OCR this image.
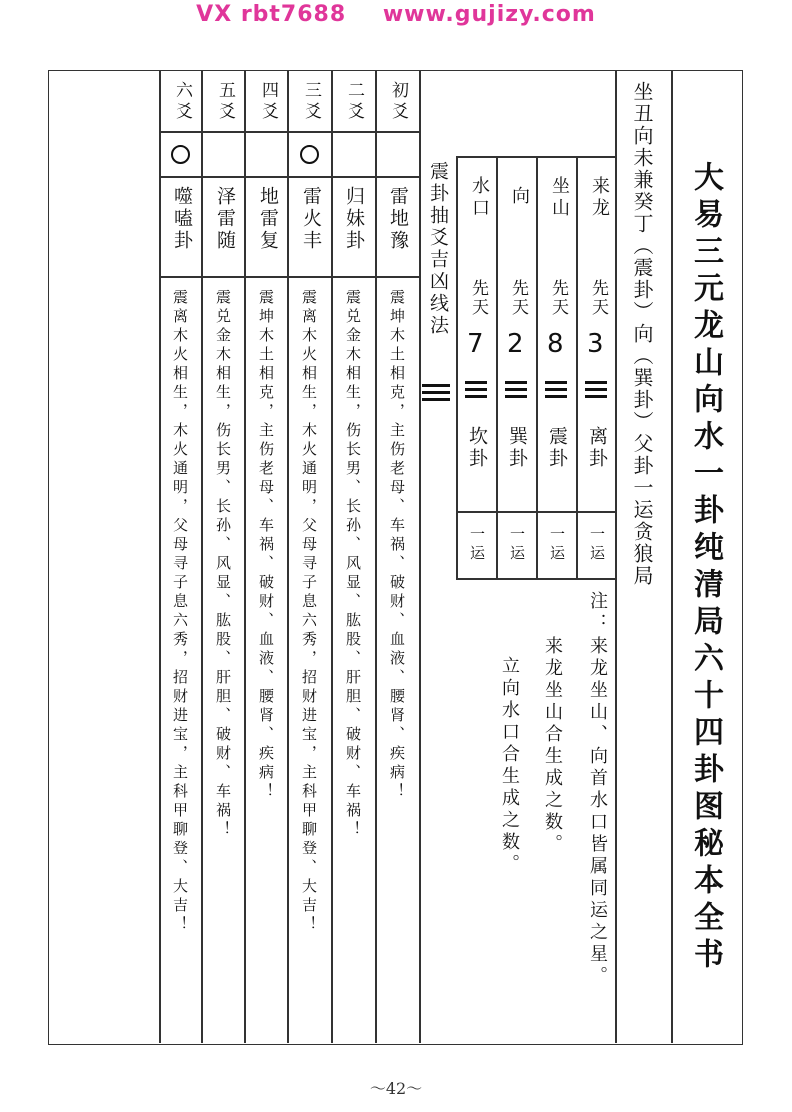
VX rbt7688 www.gujizy.com
大易三元龙山向水一卦纯清局六十四卦图秘本全书
坐丑向未兼癸丁（震卦）向（巽卦）父卦一运贪狼局
来龙
先天
3
离卦
一运
坐山
先天
8
震卦
一运
向
先天
2
巽卦
一运
水口
先天
7
坎卦
一运
注：
来龙坐山、向首水口皆属同运之星。
来龙坐山合生成之数。
立向水口合生成之数。
震卦抽爻吉凶线法
初爻
雷地豫
震坤木土相克，主伤老母、车祸、破财、血液、腰肾、疾病！
二爻
归妹卦
震兑金木相生，伤长男、长孙、风显、肱股、肝胆、破财、车祸！
三爻
雷火丰
震离木火相生，木火通明，父母寻子息六秀，招财进宝，主科甲聊登、大吉！
四爻
地雷复
震坤木土相克，主伤老母、车祸、破财、血液、腰肾、疾病！
五爻
泽雷随
震兑金木相生，伤长男、长孙、风显、肱股、肝胆、破财、车祸！
六爻
噬嗑卦
震离木火相生，木火通明，父母寻子息六秀，招财进宝，主科甲聊登、大吉！
～42～
